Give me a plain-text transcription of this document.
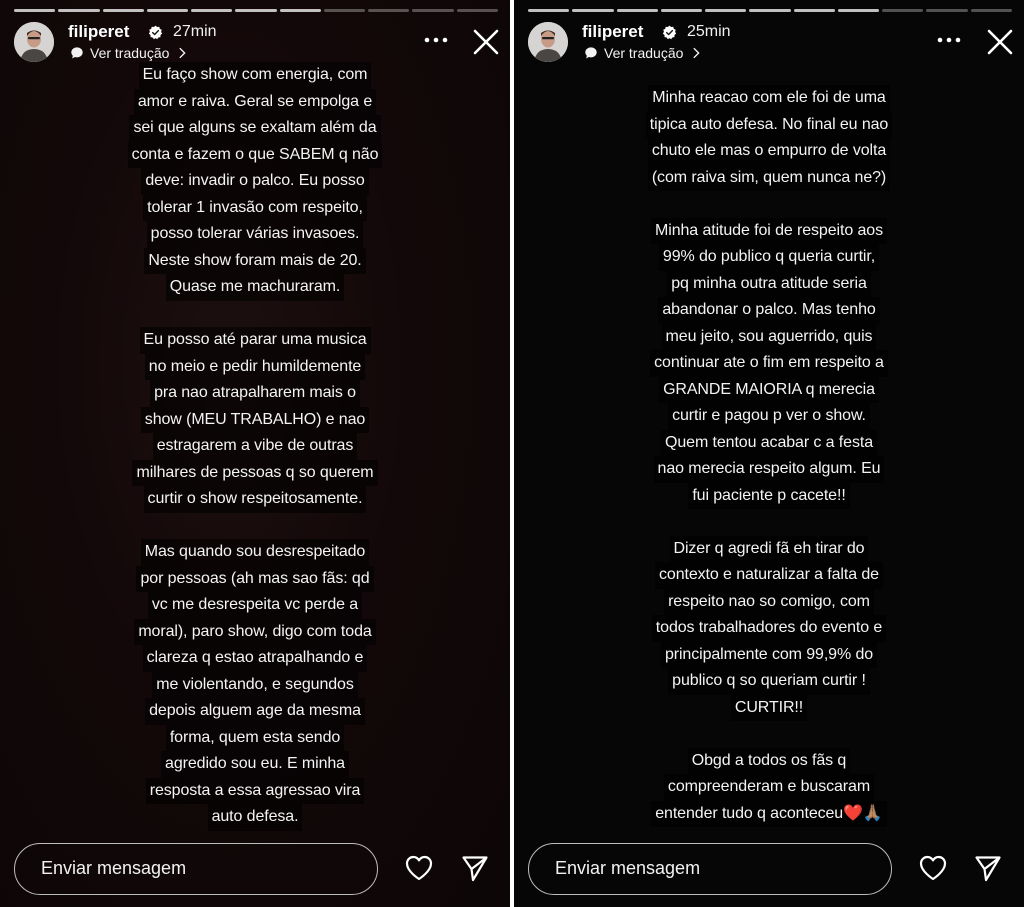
filiperet	27min
Ver tradução
Eu faço show com energia, com
amor e raiva. Geral se empolga e
sei que alguns se exaltam além da
conta e fazem o que SABEM q não
deve: invadir o palco. Eu posso
tolerar 1 invasão com respeito,
posso tolerar várias invasoes.
Neste show foram mais de 20.
Quase me machuraram.
Eu posso até parar uma musica
no meio e pedir humildemente
pra nao atrapalharem mais o
show (MEU TRABALHO) e nao
estragarem a vibe de outras
milhares de pessoas q so querem
curtir o show respeitosamente.
Mas quando sou desrespeitado
por pessoas (ah mas sao fãs: qd
vc me desrespeita vc perde a
moral), paro show, digo com toda
clareza q estao atrapalhando e
me violentando, e segundos
depois alguem age da mesma
forma, quem esta sendo
agredido sou eu. E minha
resposta a essa agressao vira
auto defesa.
Enviar mensagem
filiperet	25min
Ver tradução
Minha reacao com ele foi de uma
tipica auto defesa. No final eu nao
chuto ele mas o empurro de volta
(com raiva sim, quem nunca ne?)
Minha atitude foi de respeito aos
99% do publico q queria curtir,
pq minha outra atitude seria
abandonar o palco. Mas tenho
meu jeito, sou aguerrido, quis
continuar ate o fim em respeito a
GRANDE MAIORIA q merecia
curtir e pagou p ver o show.
Quem tentou acabar c a festa
nao merecia respeito algum. Eu
fui paciente p cacete!!
Dizer q agredi fã eh tirar do
contexto e naturalizar a falta de
respeito nao so comigo, com
todos trabalhadores do evento e
principalmente com 99,9% do
publico q so queriam curtir !
CURTIR!!
Obgd a todos os fãs q
compreenderam e buscaram
entender tudo q aconteceu❤️🙏🏽
Enviar mensagem
